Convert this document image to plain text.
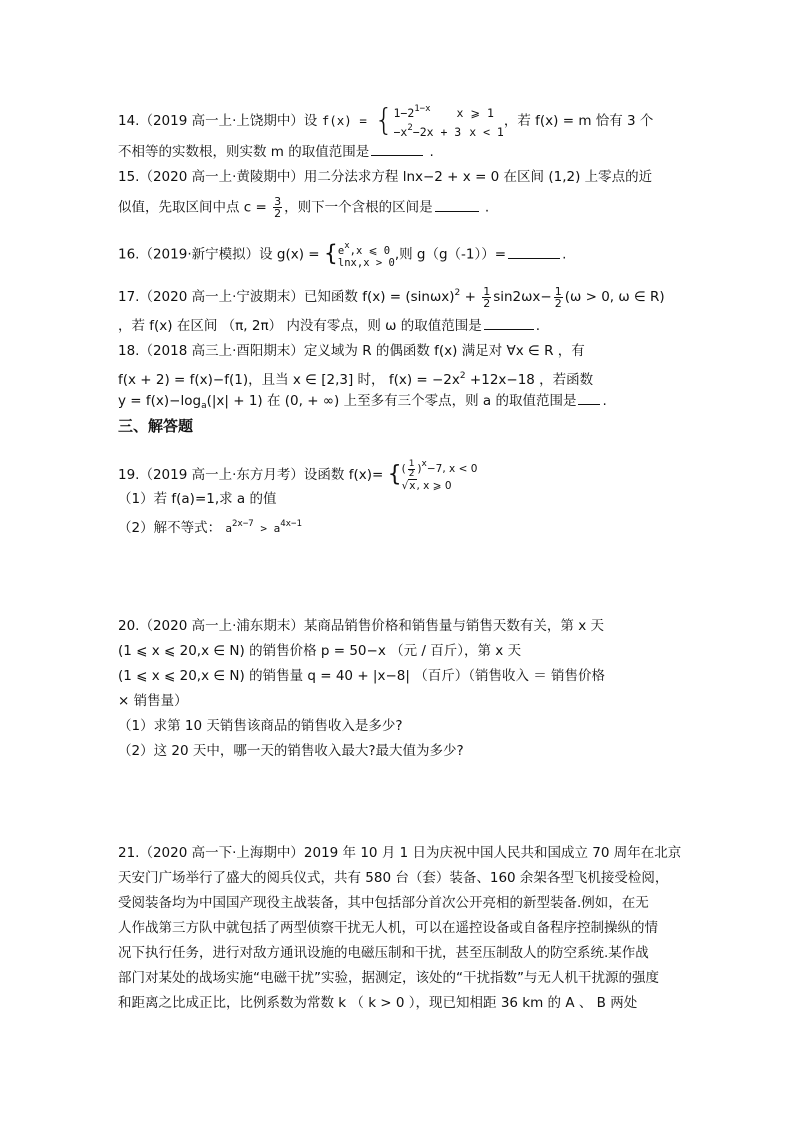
14.（2019 高一上·上饶期中）设 f(x) = { $1-2^{1-x}$ x ⩾ 1
$-x^2-2x + 3$ x < 1
，若 f(x) = m 恰有 3 个
不相等的实数根，则实数 m 的取值范围是	.
15.（2020 高一上·黄陵期中）用二分法求方程 lnx−2 + x = 0 在区间 (1,2) 上零点的近
似值，先取区间中点 $c = \frac{3}{2}$ ，则下一个含根的区间是	.
16.（2019·新宁模拟）设 g(x) = { ex,x ⩽ 0
lnx,x > 0
,则 g（g（-1））=	.
17.（2020 高一上·宁波期末）已知函数 $f(x) = (\sin\omega x)^2 + \frac{1}{2} \sin 2\omega x- \frac{1}{2} (\omega > 0$, ω ∈ R)
，若 f(x) 在区间 （π, 2π） 内没有零点，则 ω 的取值范围是	.
18.（2018 高三上·酉阳期末）定义域为 R 的偶函数 f(x) 满足对 ∀x ∈ R ，有
f(x + 2) = f(x)−f(1)，且当 x ∈ [2,3] 时， $f(x) = -2x^2 +12x-18$ ，若函数
$y = f(x)-\log_a(|x| + 1)$ 在 (0, + ∞) 上至多有三个零点，则 a 的取值范围是 .
三、解答题
19.（2019 高一上·东方月考）设函数 f(x)= { ( $\frac{1}{2} )x-7$, x < 0
√x, x ⩾ 0
（1）若 f(a)=1,求 a 的值
（2）解不等式： $a^{2x-7} > a^{4x-1}$
20.（2020 高一上·浦东期末）某商品销售价格和销售量与销售天数有关，第 x 天
(1 ⩽ x ⩽ 20,x ∈ N) 的销售价格 p = 50−x （元 / 百斤），第 x 天
(1 ⩽ x ⩽ 20,x ∈ N) 的销售量 q = 40 + |x−8| （百斤）（销售收入 ＝ 销售价格
× 销售量）
（1）求第 10 天销售该商品的销售收入是多少?
（2）这 20 天中，哪一天的销售收入最大?最大值为多少?
21.（2020 高一下·上海期中）2019 年 10 月 1 日为庆祝中国人民共和国成立 70 周年在北京
天安门广场举行了盛大的阅兵仪式，共有 580 台（套）装备、160 余架各型飞机接受检阅，
受阅装备均为中国国产现役主战装备，其中包括部分首次公开亮相的新型装备.例如，在无
人作战第三方队中就包括了两型侦察干扰无人机，可以在遥控设备或自备程序控制操纵的情
况下执行任务，进行对敌方通讯设施的电磁压制和干扰，甚至压制敌人的防空系统.某作战
部门对某处的战场实施“电磁干扰”实验，据测定，该处的“干扰指数”与无人机干扰源的强度
和距离之比成正比，比例系数为常数 k （ k > 0 ），现已知相距 36 km 的 A 、 B 两处
